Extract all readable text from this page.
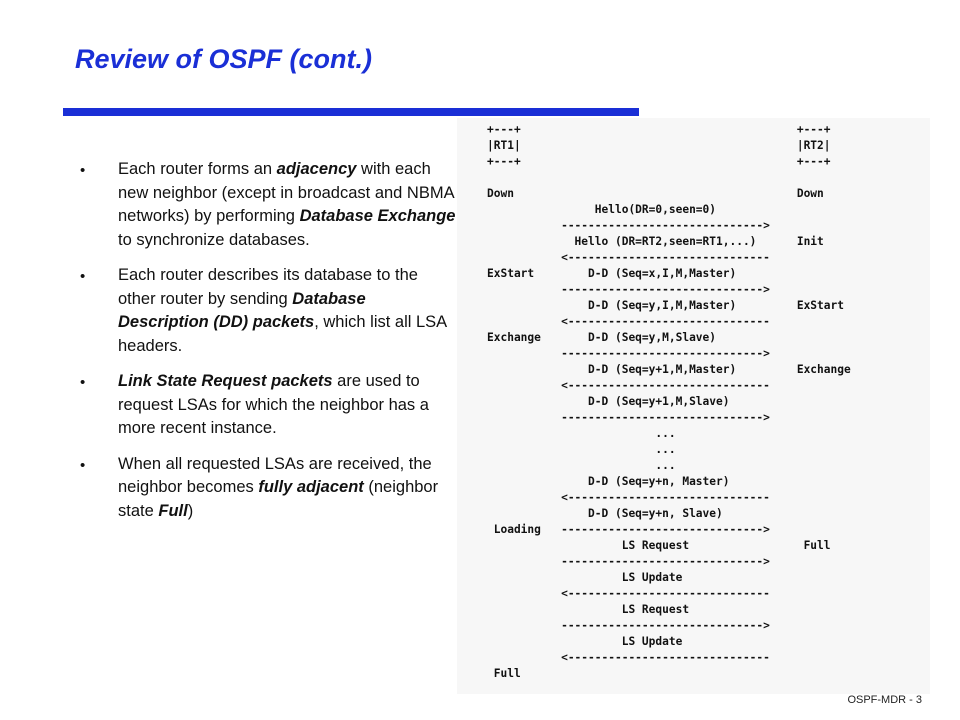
Review of OSPF (cont.)
• Each router forms an adjacency with each new neighbor (except in broadcast and NBMA networks) by performing Database Exchange to synchronize databases.
• Each router describes its database to the other router by sending Database Description (DD) packets, which list all LSA headers.
• Link State Request packets are used to request LSAs for which the neighbor has a more recent instance.
• When all requested LSAs are received, the neighbor becomes fully adjacent (neighbor state Full)
+---+                                         +---+
|RT1|                                         |RT2|
+---+                                         +---+

Down                                          Down
Hello(DR=0,seen=0)
------------------------------>
Hello (DR=RT2,seen=RT1,...)      Init
<------------------------------
ExStart        D-D (Seq=x,I,M,Master)
------------------------------>
D-D (Seq=y,I,M,Master)         ExStart
<------------------------------
Exchange       D-D (Seq=y,M,Slave)
------------------------------>
D-D (Seq=y+1,M,Master)         Exchange
<------------------------------
D-D (Seq=y+1,M,Slave)
------------------------------>
...
...
...
D-D (Seq=y+n, Master)
<------------------------------
D-D (Seq=y+n, Slave)
Loading   ------------------------------>
LS Request                 Full
------------------------------>
LS Update
<------------------------------
LS Request
------------------------------>
LS Update
<------------------------------
Full
OSPF-MDR - 3
